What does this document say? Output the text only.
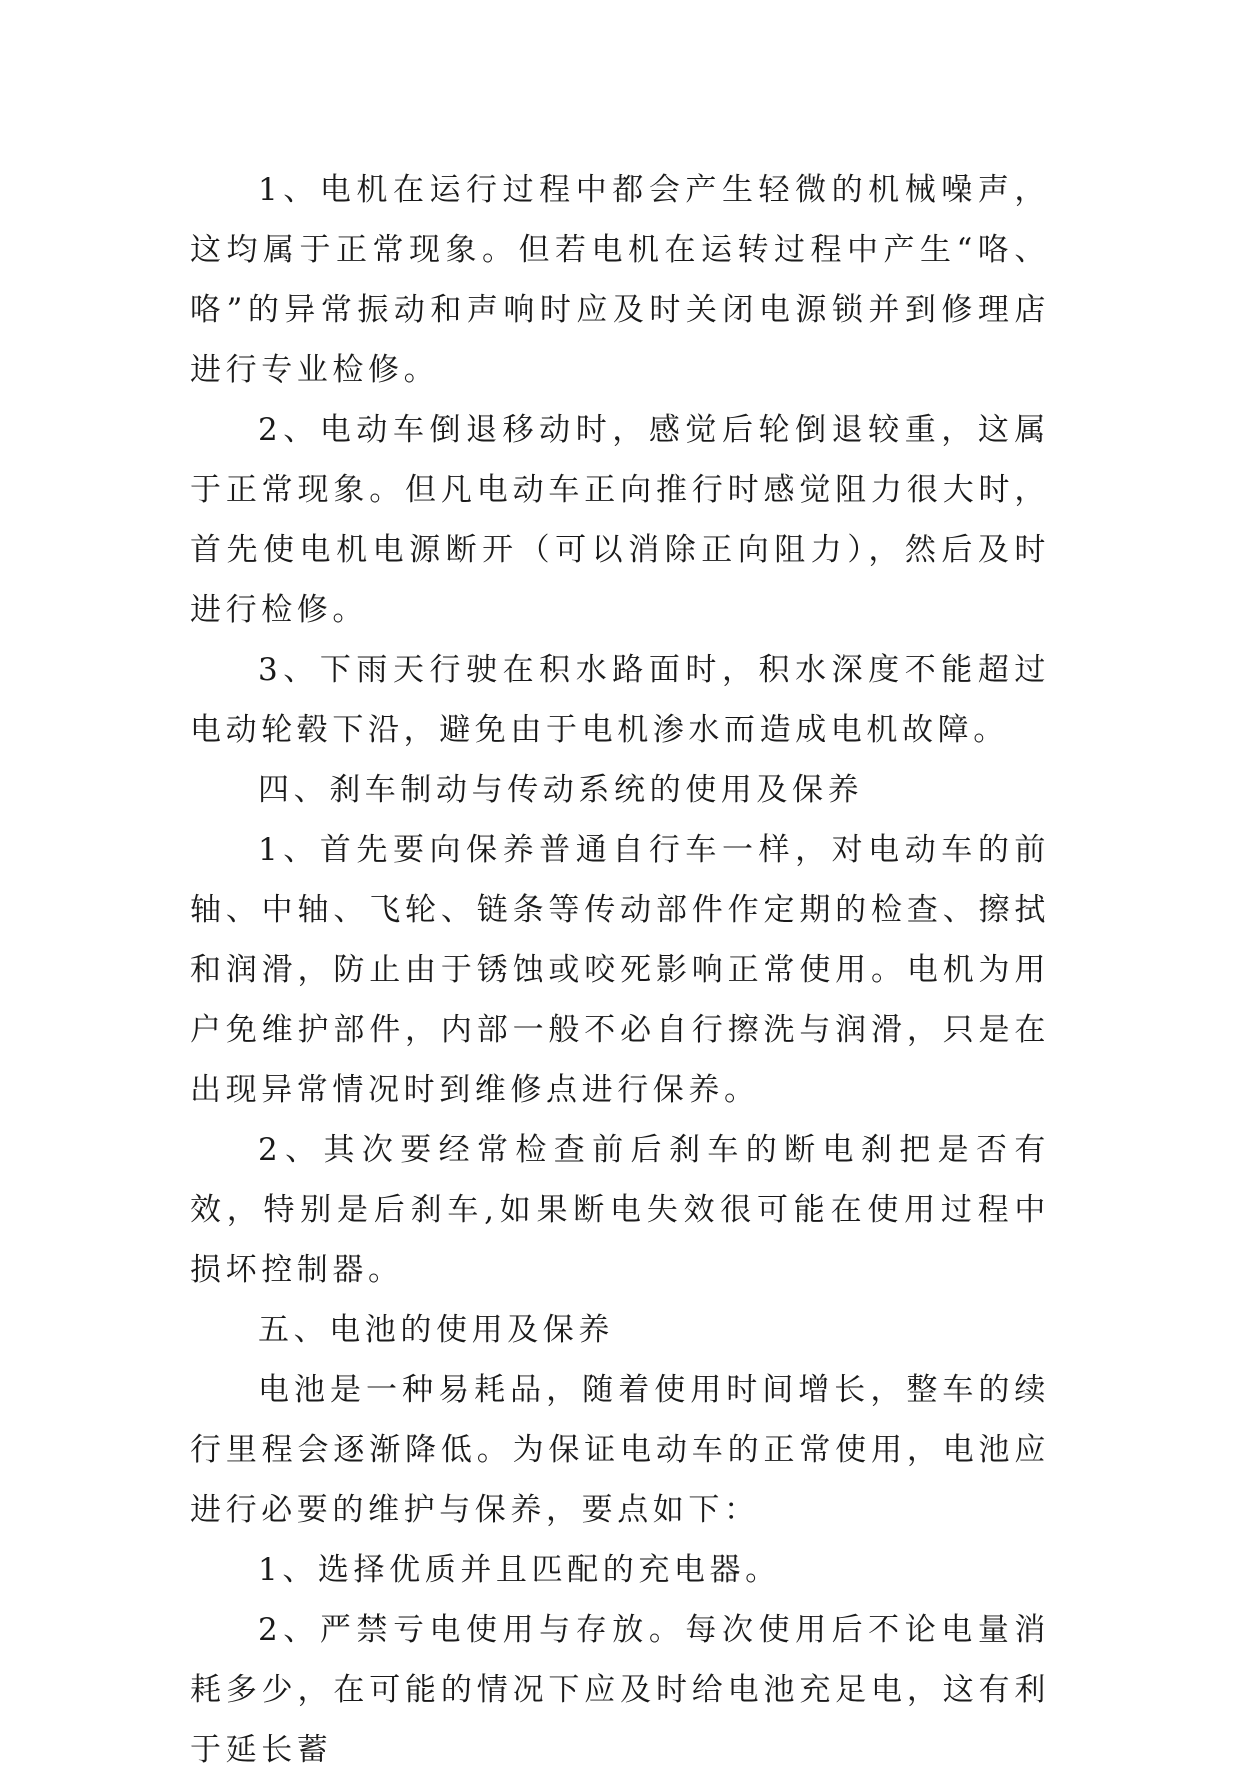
1、电机在运行过程中都会产生轻微的机械噪声，这均属于正常现象。但若电机在运转过程中产生“咯、咯”的异常振动和声响时应及时关闭电源锁并到修理店进行专业检修。

2、电动车倒退移动时，感觉后轮倒退较重，这属于正常现象。但凡电动车正向推行时感觉阻力很大时，首先使电机电源断开（可以消除正向阻力），然后及时进行检修。

3、下雨天行驶在积水路面时，积水深度不能超过电动轮毂下沿，避免由于电机渗水而造成电机故障。

四、刹车制动与传动系统的使用及保养

1、首先要向保养普通自行车一样，对电动车的前轴、中轴、飞轮、链条等传动部件作定期的检查、擦拭和润滑，防止由于锈蚀或咬死影响正常使用。电机为用户免维护部件，内部一般不必自行擦洗与润滑，只是在出现异常情况时到维修点进行保养。

2、其次要经常检查前后刹车的断电刹把是否有效，特别是后刹车,如果断电失效很可能在使用过程中损坏控制器。

五、电池的使用及保养

电池是一种易耗品，随着使用时间增长，整车的续行里程会逐渐降低。为保证电动车的正常使用，电池应进行必要的维护与保养，要点如下：

1、选择优质并且匹配的充电器。

2、严禁亏电使用与存放。每次使用后不论电量消耗多少，在可能的情况下应及时给电池充足电，这有利于延长蓄
